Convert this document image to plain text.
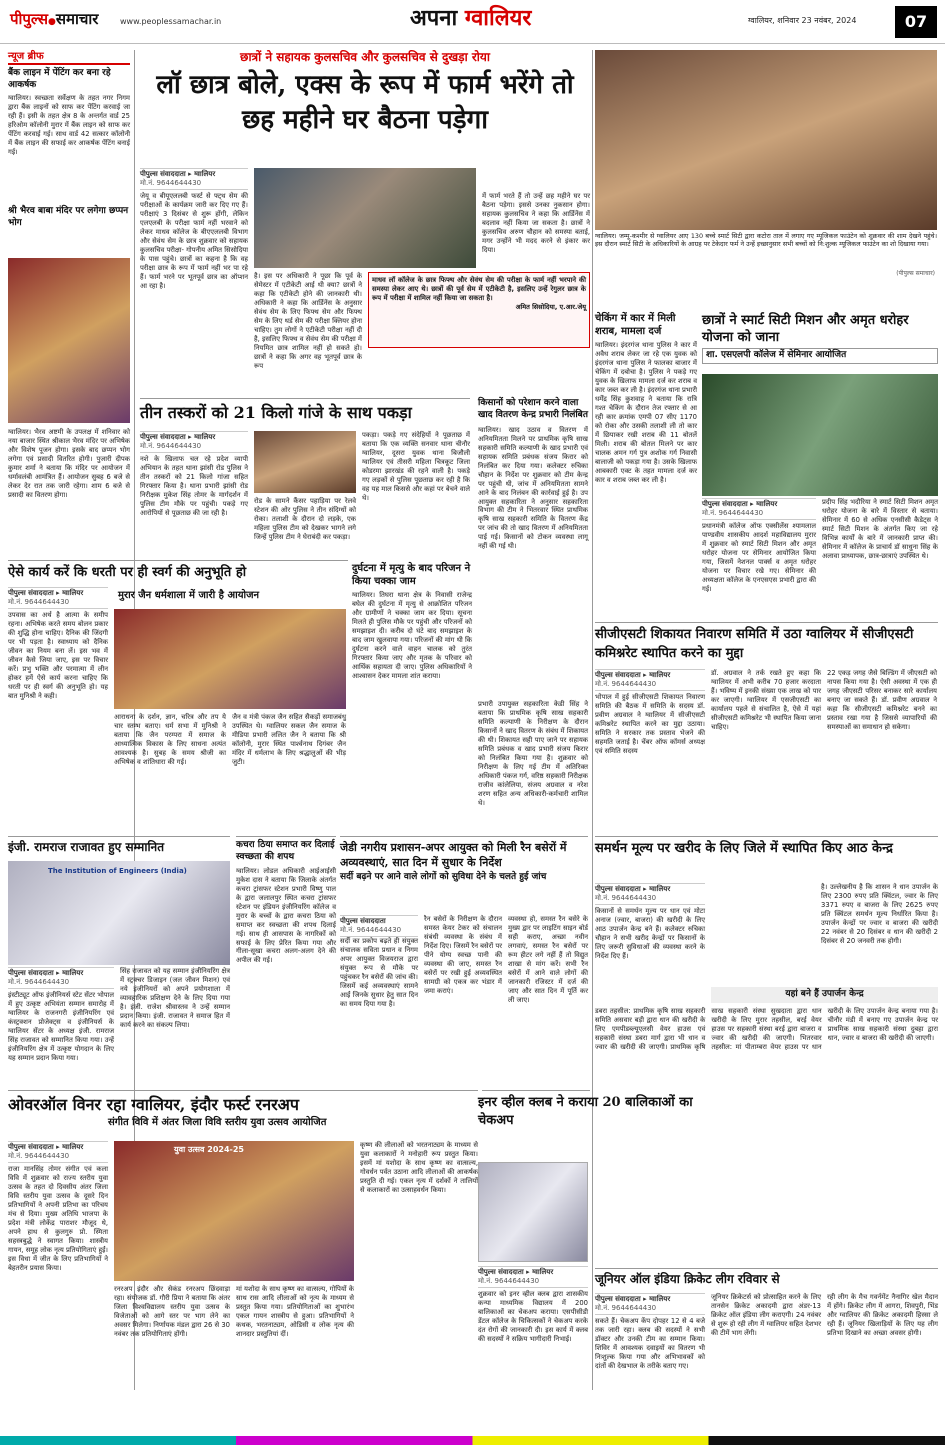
पीपुल्स●समाचार	www.peoplessamachar.in	अपना ग्वालियर	ग्वालियर, शनिवार 23 नवंबर, 2024	07
न्यूज ब्रीफ
बैंक लाइन में पेंटिंग कर बना रहे आकर्षक
ग्वालियर। स्वच्छता सर्वेक्षण के तहत नगर निगम द्वारा बैंक लाइनों को साफ कर पेंटिंग करवाई जा रही हैं। इसी के तहत क्षेत्र 8 के अन्तर्गत वार्ड 25 हरिओम कॉलोनी मुरार में बैंक लाइन को साफ कर पेंटिंग करवाई गई। साथ वार्ड 42 सत्कार कॉलोनी में बैंक लाइन की सफाई कर आकर्षक पेंटिंग बनाई गई।
श्री भैरव बाबा मंदिर पर लगेगा छप्पन भोग
ग्वालियर। भैरव अष्टमी के उपलक्ष में शनिवार को नया बाजार स्थित श्रीकाल भैरव मंदिर पर अभिषेक और विशेष पूजन होगा। इसके बाद छप्पन भोग लगेगा एवं प्रसादी वितरित होगी। पुजारी दीपक कुमार शर्मा ने बताया कि मंदिर पर आयोजन में धर्मावलंबी आमंत्रित हैं। आयोजन सुबह 6 बजे से लेकर देर रात तक जारी रहेगा। शाम 6 बजे से प्रसादी का वितरण होगा।
छात्रों ने सहायक कुलसचिव और कुलसचिव से दुखड़ा रोया
लॉ छात्र बोले, एक्स के रूप में फार्म भरेंगे तो छह महीने घर बैठना पड़ेगा
पीपुल्स संवाददाता ▸ ग्वालियर
मो.नं. 9644644430
जेयू व बीयूएललबी फर्स्ट से फ्ट्थ सेम की परीक्षाओं के कार्यक्रम जारी कर दिए गए हैं। परीक्षाएं 3 दिसंबर से शुरू होंगी, लेकिन एलएलबी के परीक्षा फार्म नहीं भरवाने को लेकर माधव कॉलेज के बीएएललबी विभाग और सेवंथ सेम के छात्र शुक्रवार को सहायक कुलसचिव परीक्षा- गोपनीय अमित सिसोदिया के पास पहुंचे। छात्रों का कहना है कि वह परीक्षा छात्र के रूप में फार्म नहीं भर पा रहे हैं। फार्म भरने पर भूतपूर्व छात्र का ऑप्शन आ रहा है।
है। इस पर अधिकारी ने पूछा कि पूर्व के सेमेस्टर में एटीकेटी आई थी क्या? छात्रों ने कहा कि एटीकेटी होने की जानकारी थी। अधिकारी ने कहा कि आर्डिनेंस के अनुसार सेवंथ सेम के लिए फिफ्थ सेम और फिफ्थ सेम के लिए थर्ड सेम की परीक्षा क्लियर होना चाहिए। तुम लोगों ने एटीकेटी परीक्षा नहीं दी है, इसलिए फिफ्थ व सेवंथ सेम की परीक्षा में नियमित छात्र शामिल नहीं हो सकते हो। छात्रों ने कहा कि अगर वह भूतपूर्व छात्र के रूप
में फार्म भरते हैं तो उन्हें छह महीने घर पर बैठना पड़ेगा। इससे उनका नुकसान होगा। सहायक कुलसचिव ने कहा कि आर्डिनेंस में बदलाव नहीं किया जा सकता है। छात्रों ने कुलसचिव अरुण चौहान को समस्या बताई, मगर उन्होंने भी मदद करने से इंकार कर दिया।
माधव लॉ कॉलेज के छात्र फिफ्थ और सेवंथ सेम की परीक्षा के फार्म नहीं भरपाने की समस्या लेकर आए थे। छात्रों की पूर्व सेम में एटीकेटी है, इसलिए उन्हें रेगुलर छात्र के रूप में परीक्षा में शामिल नहीं किया जा सकता है।
अमित सिसोदिया, ए.आर.जेयू
ग्वालियर। जम्मू-कश्मीर से ग्वालियर आए 130 बच्चे स्मार्ट सिटी द्वारा कटोरा ताल में लगाए गए म्यूजिकल फाउंटेन को शुक्रवार की शाम देखने पहुंचे। इस दौरान स्मार्ट सिटी के अधिकारियों के आग्रह पर टेकेदार फर्म ने उन्हें इच्छानुसार सभी बच्चों को नि:शुल्क म्यूजिकल फाउंटेन का शो दिखाया गया।
(पीपुल्स समाचार)
तीन तस्करों को 21 किलो गांजे के साथ पकड़ा
पीपुल्स संवाददाता ▸ ग्वालियर
मो.नं. 9644644430
नशे के खिलाफ चल रहे प्रदेश व्यापी अभियान के तहत थाना झांसी रोड पुलिस ने तीन तस्करों को 21 किलो गांजा सहित गिरफ्तार किया है। थाना प्रभारी झांसी रोड निरीक्षक मुकेश सिंह तोमर के मार्गदर्शन में पुलिस टीम मौके पर पहुंची। पकड़े गए आरोपियों से पूछताछ की जा रही है।
रोड के सामने कैंसर पहाड़िया पर रेलवे स्टेशन की ओर पुलिस ने तीन संदिग्धों को रोका। तलाशी के दौरान दो लड़के, एक महिला पुलिस टीम को देखकर भागने लगे जिन्हें पुलिस टीम ने घेराबंदी कर पकड़ा।
पकड़ा। पकड़े गए संदेहियों ने पूछताछ में बताया कि एक व्यक्ति सनवार थाना चीनौर ग्वालियर, दूसरा युवक थाना बिजौली ग्वालियर एवं तीसरी महिला चित्रकूट जिला कोडरमा झारखंड की रहने वाली है। पकड़े गए लड़कों से पुलिस पूछताछ कर रही है कि वह यह माल किससे और कहां पर बेचने वाले थे।
किसानों को परेशान करने वाला खाद वितरण केन्द्र प्रभारी निलंबित
ग्वालियर। खाद उठाव व वितरण में अनियमितता मिलने पर प्राथमिक कृषि साख सहकारी समिति कल्याणी के खाद प्रभारी एवं सहायक समिति प्रबंधक संजय किरार को निलंबित कर दिया गया। कलेक्टर रुचिका चौहान के निर्देश पर शुक्रवार को टीम केन्द्र पर पहुंची थी, जांच में अनियमितता सामने आने के बाद निलंबन की कार्रवाई हुई है। उप आयुक्त सहकारिता ने अनुसार सहकारिता विभाग की टीम ने भितरवार स्थित प्राथमिक कृषि साख सहकारी समिति के वितरण केंद्र पर जांच की तो खाद वितरण में अनियमितता पाई गई। किसानों को टोकन व्यवस्था लागू नहीं की गई थी।
चेकिंग में कार में मिली शराब, मामला दर्ज
ग्वालियर। इंदरगंज थाना पुलिस ने कार में अवैध शराब लेकर जा रहे एक युवक को इंदरगंज थाना पुलिस ने फालका बाजार में चेकिंग में दबोचा है। पुलिस ने पकड़े गए युवक के खिलाफ मामला दर्ज कर शराब व कार जब्त कर ली है। इंदरगंज थाना प्रभारी धर्मेंद्र सिंह कुशवाह ने बताया कि रात्रि गश्त चेकिंग के दौरान तेज रफ्तार से आ रही कार क्रमांक एमपी 07 सीए 1170 को रोका और उसकी तलाशी ली तो कार में छिपाकर रखी शराब की 11 बोतलें मिली। शराब की बोतल मिलने पर कार चालक अमन गर्ग पुत्र अशोक गर्ग निवासी बालाजी को पकड़ा गया है। उसके खिलाफ आबकारी एक्ट के तहत मामला दर्ज कर कार व शराब जब्त कर ली है।
छात्रों ने स्मार्ट सिटी मिशन और अमृत धरोहर योजना को जाना
शा. एसएलपी कॉलेज में सेमिनार आयोजित
पीपुल्स संवाददाता ▸ ग्वालियर
मो.नं. 9644644430
प्रधानमंत्री कॉलेज ऑफ एक्सीलेंस श्यामलाल पाण्डवीय शासकीय आदर्श महाविद्यालय मुरार में शुक्रवार को स्मार्ट सिटी मिशन और अमृत धरोहर योजना पर सेमिनार आयोजित किया गया, जिसमें नेशनल पार्क्स व अमृत धरोहर योजना पर विचार रखे गए। सेमिनार की अध्यक्षता कॉलेज के एनएसएस प्रभारी द्वारा की गई।
प्रदीप सिंह भदौरिया ने स्मार्ट सिटी मिशन अमृत धरोहर योजना के बारे में विस्तार से बताया। सेमिनार में 60 से अधिक एनसीसी कैडेट्स ने स्मार्ट सिटी मिशन के अंतर्गत किए जा रहे विभिन्न कार्यों के बारे में जानकारी प्राप्त की। सेमिनार में कॉलेज के प्राचार्य डॉ साधुना सिंह के अलावा प्राध्यापक, छात्र-छात्राएं उपस्थित थे।
ऐसे कार्य करें कि धरती पर ही स्वर्ग की अनुभूति हो
पीपुल्स संवाददाता ▸ ग्वालियर
मो.नं. 9644644430
मुरार जैन धर्मशाला में जारी है आयोजन
उपवास का अर्थ है आत्मा के समीप रहना। अभिषेक करते समय बोलन प्रकार की शुद्धि होना चाहिए। दैनिक की जिंदगी पर भी पड़ता है। स्वाध्याय को दैनिक जीवन का नियम बना लें। इस भव में जीवन कैसे जिया जाए, इस पर विचार करें। प्रभु भक्ति और परमात्मा में लीन होकर हमें ऐसे कार्य करना चाहिए कि धरती पर ही स्वर्ग की अनुभूति हो। यह बात मुनिश्री ने कही।
आराधना के दर्शन, ज्ञान, चरित्र और तप ये चार स्तम्भ बताए। धर्म सभा में मुनिश्री ने बताया कि जैन परम्परा में समाज के आध्यात्मिक विकास के लिए साधना अत्यंत आवश्यक है। सुबह के समय श्रीजी का अभिषेक व शांतिधारा की गई।
जैन व मंत्री पंकज जैन सहित सैकड़ों समाजबंधु उपस्थित थे। ग्वालियर सकल जैन समाज के मीडिया प्रभारी ललित जैन ने बताया कि श्री कॉलोनी, मुरार स्थित पार्श्वनाथ दिगंबर जैन मंदिर में धर्मलाभ के लिए श्रद्धालुओं की भीड़ जुटी।
दुर्घटना में मृत्यु के बाद परिजन ने किया चक्का जाम
ग्वालियर। तिघरा थाना क्षेत्र के निवासी राजेन्द्र बघेल की दुर्घटना में मृत्यु से आक्रोशित परिजन और ग्रामीणों ने चक्का जाम कर दिया। सूचना मिलते ही पुलिस मौके पर पहुंची और परिजनों को समझाइश दी। करीब दो घंटे बाद समझाइश के बाद जाम खुलवाया गया। परिजनों की मांग थी कि दुर्घटना करने वाले वाहन चालक को तुरंत गिरफ्तार किया जाए और मृतक के परिवार को आर्थिक सहायता दी जाए। पुलिस अधिकारियों ने आश्वासन देकर मामला शांत कराया।
प्रभारी उपायुक्त सहकारिता केडी सिंह ने बताया कि प्राथमिक कृषि साख सहकारी समिति कल्याणी के निरीक्षण के दौरान किसानों ने खाद वितरण के संबंध में शिकायत की थी। शिकायत सही पाए जाने पर सहायक समिति प्रबंधक व खाद प्रभारी संजय किरार को निलंबित किया गया है। शुक्रवार को निरीक्षण के लिए गई टीम में अतिरिक्त अधिकारी पंकज गर्ग, वरिष्ठ सहकारी निरीक्षक राजीव कांलेलिया, संजय अग्रवाल व नरेश शरण सहित अन्य अधिकारी-कर्मचारी शामिल थे।
सीजीएसटी शिकायत निवारण समिति में उठा ग्वालियर में सीजीएसटी कमिश्नरेट स्थापित करने का मुद्दा
पीपुल्स संवाददाता ▸ ग्वालियर
मो.नं. 9644644430
भोपाल में हुई सीजीएसटी शिकायत निवारण समिति की बैठक में समिति के सदस्य डॉ. प्रवीण अग्रवाल ने ग्वालियर में सीजीएसटी कमिश्नरेट स्थापित करने का मुद्दा उठाया। समिति ने सरकार तक प्रस्ताव भेजने की सहमति जताई है। चेंबर ऑफ कॉमर्स अध्यक्ष एवं समिति सदस्य
डॉ. अग्रवाल ने तर्क रखते हुए कहा कि ग्वालियर में अभी करीब 70 हजार करदाता हैं। भविष्य में इनकी संख्या एक लाख को पार कर जाएगी। ग्वालियर में एसजीएसटी का कार्यालय पहले से संचालित है, ऐसे में यहां सीजीएसटी कमिश्नरेट भी स्थापित किया जाना चाहिए।
22 एकड़ जगह जैसे बिल्डिंग में जीएसटी को नापस किया गया है। ऐसी अवस्था में एक ही जगह जीएसटी परिसर बनाकर सारे कार्यालय बनाए जा सकते हैं। डॉ. प्रवीण अग्रवाल ने कहा कि सीजीएसटी कमिश्नरेट बनने का प्रस्ताव रखा गया है जिससे व्यापारियों की समस्याओं का समाधान हो सकेगा।
इंजी. रामराज राजावत हुए सम्मानित
The Institution of Engineers (India)
पीपुल्स संवाददाता ▸ ग्वालियर
मो.नं. 9644644430
इंस्टीट्यूट ऑफ इंजीनियर्स स्टेट सेंटर भोपाल में हुए उत्कृष्ट अभियंता सम्मान समारोह में ग्वालियर के राजनगरी इंजीनियरिंग एवं कंस्ट्रक्शन प्रोजेक्ट्स व इंजीनियर्स के ग्वालियर सेंटर के अध्यक्ष इंजी. रामराज सिंह राजावत को सम्मानित किया गया। उन्हें इंजीनियरिंग क्षेत्र में उत्कृष्ट योगदान के लिए यह सम्मान प्रदान किया गया।
सिंह राजावत को यह सम्मान इंजीनियरिंग क्षेत्र में स्ट्रक्चर डिजाइन (जल जीवन मिशन) एवं नये इंजीनियरों को अपने प्रयोगशाला में व्यावहारिक प्रशिक्षण देने के लिए दिया गया है। इंजी. राजेश श्रीवास्तव ने उन्हें सम्मान प्रदान किया। इंजी. राजावत ने समाज हित में कार्य करने का संकल्प लिया।
कचरा ठिया समाप्त कर दिलाई स्वच्छता की शपथ
ग्वालियर। लोडल अधिकारी आईआईसी मुकेश दास ने बताया कि जिलाके अंतर्गत कचरा ट्रांसफर स्टेशन प्रभारी विष्णु पाल के द्वारा जलालपुर स्थित कचरा ट्रांसफर स्टेशन पर इंडियन इंजीनियरिंग कॉलेज व मुरार के बच्चों के द्वारा कचरा ठिया को समाप्त कर स्वच्छता की शपथ दिलाई गई। साथ ही आसपास के नागरिकों को सफाई के लिए प्रेरित किया गया और गीला-सूखा कचरा अलग-अलग देने की अपील की गई।
जेडी नगरीय प्रशासन-अपर आयुक्त को मिली रैन बसेरों में अव्यवस्थाएं, सात दिन में सुधार के निर्देश
सर्दी बढ़ने पर आने वाले लोगों को सुविधा देने के चलते हुई जांच
पीपुल्स संवाददाता
मो.नं. 9644644430
सर्दी का प्रकोप बढ़ते ही संयुक्त संचालक सविता प्रधान व निगम अपर आयुक्त विजयराज द्वारा संयुक्त रूप से मौके पर पहुंचकर रैन बसेरों की जांच की। जिसमें कई अव्यवस्थाएं सामने आईं जिनके सुधार हेतु सात दिन का समय दिया गया है।
रैन बसेरों के निरीक्षण के दौरान समस्त केयर टेकर को संचालन संबंधी व्यवस्था के संबंध में निर्देश दिए। जिसमें रैन बसेरों पर पीने योग्य स्वच्छ पानी की व्यवस्था की जाए, समस्त रैन बसेरों पर रखी हुई अव्यवस्थित सामग्री को एकत्र कर भंडार में जमा कराएं।
व्यवस्था हो, समस्त रैन बसेरे के मुख्य द्वार पर लाइटिंग साइन बोर्ड सही कराए, अच्छा नवीन लगवाएं, समस्त रैन बसेरों पर रूम हीटर लगे नहीं हैं तो विद्युत शाखा से मांग करें। सभी रैन बसेरों में आने वाले लोगों की जानकारी रजिस्टर में दर्ज की जाए और सात दिन में पूर्ति कर ली जाए।
समर्थन मूल्य पर खरीद के लिए जिले में स्थापित किए आठ केन्द्र
पीपुल्स संवाददाता ▸ ग्वालियर
मो.नं. 9644644430
किसानों से समर्थन मूल्य पर धान एवं मोटा अनाज (ज्वार, बाजरा) की खरीदी के लिए आठ उपार्जन केन्द्र बने हैं। कलेक्टर रुचिका चौहान ने सभी खरीद केन्द्रों पर किसानों के लिए जरूरी सुविधाओं की व्यवस्था करने के निर्देश दिए हैं।
है। उल्लेखनीय है कि शासन ने धान उपार्जन के लिए 2300 रुपए प्रति क्विंटल, ज्वार के लिए 3371 रुपए व बाजरा के लिए 2625 रुपए प्रति क्विंटल समर्थन मूल्य निर्धारित किया है। उपार्जन केन्द्रों पर ज्वार व बाजरा की खरीदी 22 नवंबर से 20 दिसंबर व धान की खरीदी 2 दिसंबर से 20 जनवरी तक होगी।
यहां बने हैं उपार्जन केन्द्र
डबरा तहसील: प्राथमिक कृषि साख सहकारी समिति असवार बड़ी द्वारा धान की खरीदी के लिए एमपीडब्ल्यूएलसी वेयर हाउस एवं सहकारी संस्था डबरा मार्ग द्वारा भी धान व ज्वार की खरीदी की जाएगी। प्राथमिक कृषि साख सहकारी संस्था सुखदाता द्वारा धान खरीदी के लिए मुरार तहसील, बरई वेयर हाउस पर सहकारी संस्था बरई द्वारा बाजरा व ज्वार की खरीदी की जाएगी। भितरवार तहसील: मां पीताम्बरा वेयर हाउस पर धान खरीदी के लिए उपार्जन केन्द्र बनाया गया है। चीनौर मंडी में बनाए गए उपार्जन केन्द्र पर प्राथमिक साख सहकारी संस्था दुबहा द्वारा धान, ज्वार व बाजरा की खरीदी की जाएगी।
ओवरऑल विनर रहा ग्वालियर, इंदौर फर्स्ट रनरअप
संगीत विवि में अंतर जिला विवि स्तरीय युवा उत्सव आयोजित
पीपुल्स संवाददाता ▸ ग्वालियर
मो.नं. 9644644430
राजा मानसिंह तोमर संगीत एवं कला विवि में शुक्रवार को राज्य स्तरीय युवा उत्सव के तहत दो दिवसीय अंतर जिला विवि स्तरीय युवा उत्सव के दूसरे दिन प्रतिभागियों ने अपनी प्रतिभा का परिचय मंच से दिया। मुख्य अतिथि भाजपा के प्रदेश मंत्री लोकेंद्र पाराशर मौजूद थे, अपने हाथ से कुलगुरु प्रो. स्मिता सहस्त्रबुद्धे ने स्वागत किया। शास्त्रीय गायन, समूह लोक नृत्य प्रतियोगिताएं हुईं। इस विधा में जीत के लिए प्रतिभागियों ने बेहतरीन प्रयास किया।
युवा उत्सव 2024-25
रनरअप इंदौर और सेकंड रनरअप छिंदवाड़ा रहा। संयोजक डॉ. गौरी प्रिया ने बताया कि अंतर जिला विश्वविद्यालय स्तरीय युवा उत्सव के विजेताओं को आगे स्तर पर भाग लेने का अवसर मिलेगा। निर्णायक मंडल द्वारा 26 से 30 नवंबर तक प्रतियोगिताएं होंगी।
मां यशोदा के साथ कृष्ण का वात्सल्य, गोपियों के साथ रास आदि लीलाओं को नृत्य के माध्यम से प्रस्तुत किया गया। प्रतियोगिताओं का शुभारंभ एकल गायन शास्त्रीय से हुआ। प्रतिभागियों ने कथक, भरतनाट्यम, ओडिसी व लोक नृत्य की शानदार प्रस्तुतियां दीं।
कृष्ण की लीलाओं को भरतनाट्यम के माध्यम से युवा कलाकारों ने मनोहारी रूप प्रस्तुत किया। इसमें मां यशोदा के साथ कृष्ण का वात्सल्य, गोवर्धन पर्वत उठाना आदि लीलाओं की आकर्षक प्रस्तुति दी गई। एकल नृत्य में दर्शकों ने तालियों से कलाकारों का उत्साहवर्धन किया।
इनर व्हील क्लब ने कराया 20 बालिकाओं का चेकअप
पीपुल्स संवाददाता ▸ ग्वालियर
मो.नं. 9644644430
शुक्रवार को इनर व्हील क्लब द्वारा शासकीय कन्या माध्यमिक विद्यालय में 200 बालिकाओं का चेकअप कराया। एसपीसीडी डेंटल कॉलेज के चिकित्सकों ने चेकअप करके दंत रोगों की जानकारी दी। इस कार्य में क्लब की सदस्यों ने सक्रिय भागीदारी निभाई।
जूनियर ऑल इंडिया क्रिकेट लीग रविवार से
पीपुल्स संवाददाता ▸ ग्वालियर
मो.नं. 9644644430
सकते हैं। चेकअप केंप दोपहर 12 से 4 बजे तक जारी रहा। क्लब की सदस्यों ने सभी डॉक्टर और उनकी टीम का सम्मान किया। शिविर में आवश्यक दवाइयों का वितरण भी निःशुल्क किया गया और अभिभावकों को दांतों की देखभाल के तरीके बताए गए।
जूनियर क्रिकेटर्स को प्रोत्साहित करने के लिए तानसेन क्रिकेट अकादमी द्वारा अंडर-13 क्रिकेट ऑल इंडिया लीग कराएगी। 24 नवंबर से शुरू हो रही लीग में ग्वालियर सहित देशभर की टीमें भाग लेंगी।
रही लीग के मैच गवर्नमेंट नैनागिर खेल मैदान में होंगे। क्रिकेट लीग में आगरा, शिवपुरी, भिंड और ग्वालियर की क्रिकेट अकादमी हिस्सा ले रही हैं। जूनियर खिलाड़ियों के लिए यह लीग प्रतिभा दिखाने का अच्छा अवसर होगी।
